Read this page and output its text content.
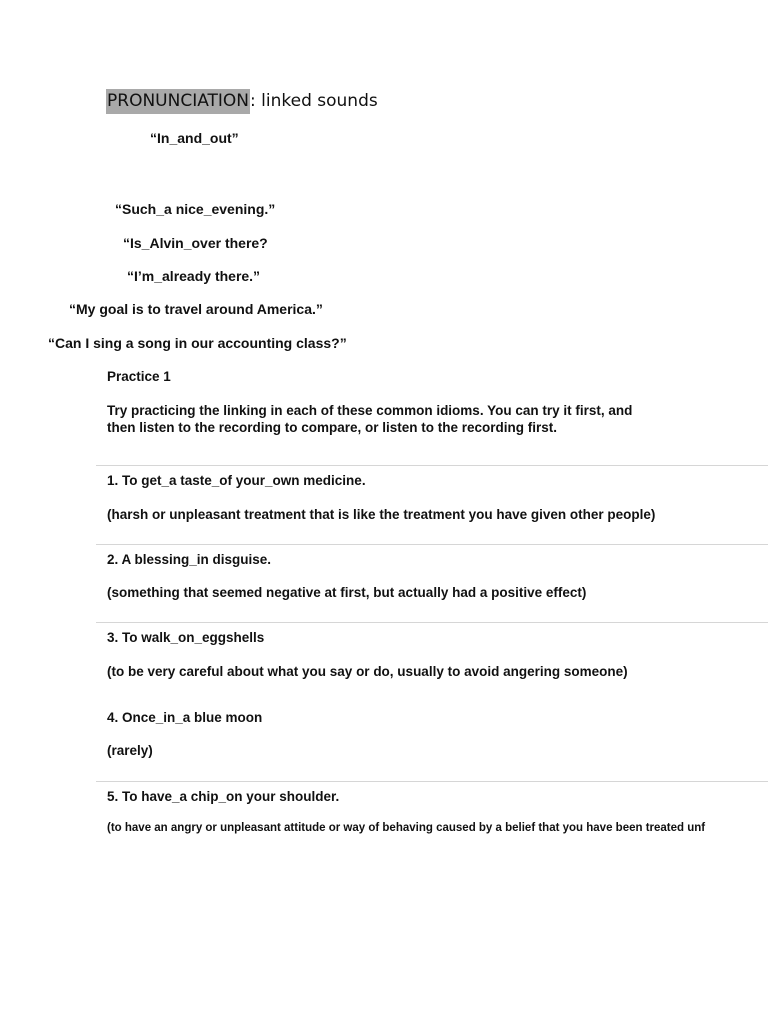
PRONUNCIATION: linked sounds
“In_and_out”
“Such_a nice_evening.”
“Is_Alvin_over there?
“I’m_already there.”
“My goal is to travel around America.”
“Can I sing a song in our accounting class?”
Practice 1
Try practicing the linking in each of these common idioms. You can try it first, and
then listen to the recording to compare, or listen to the recording first.
1. To get_a taste_of your_own medicine.
(harsh or unpleasant treatment that is like the treatment you have given other people)
2. A blessing_in disguise.
(something that seemed negative at first, but actually had a positive effect)
3. To walk_on_eggshells
(to be very careful about what you say or do, usually to avoid angering someone)
4. Once_in_a blue moon
(rarely)
5. To have_a chip_on your shoulder.
(to have an angry or unpleasant attitude or way of behaving caused by a belief that you have been treated unf
